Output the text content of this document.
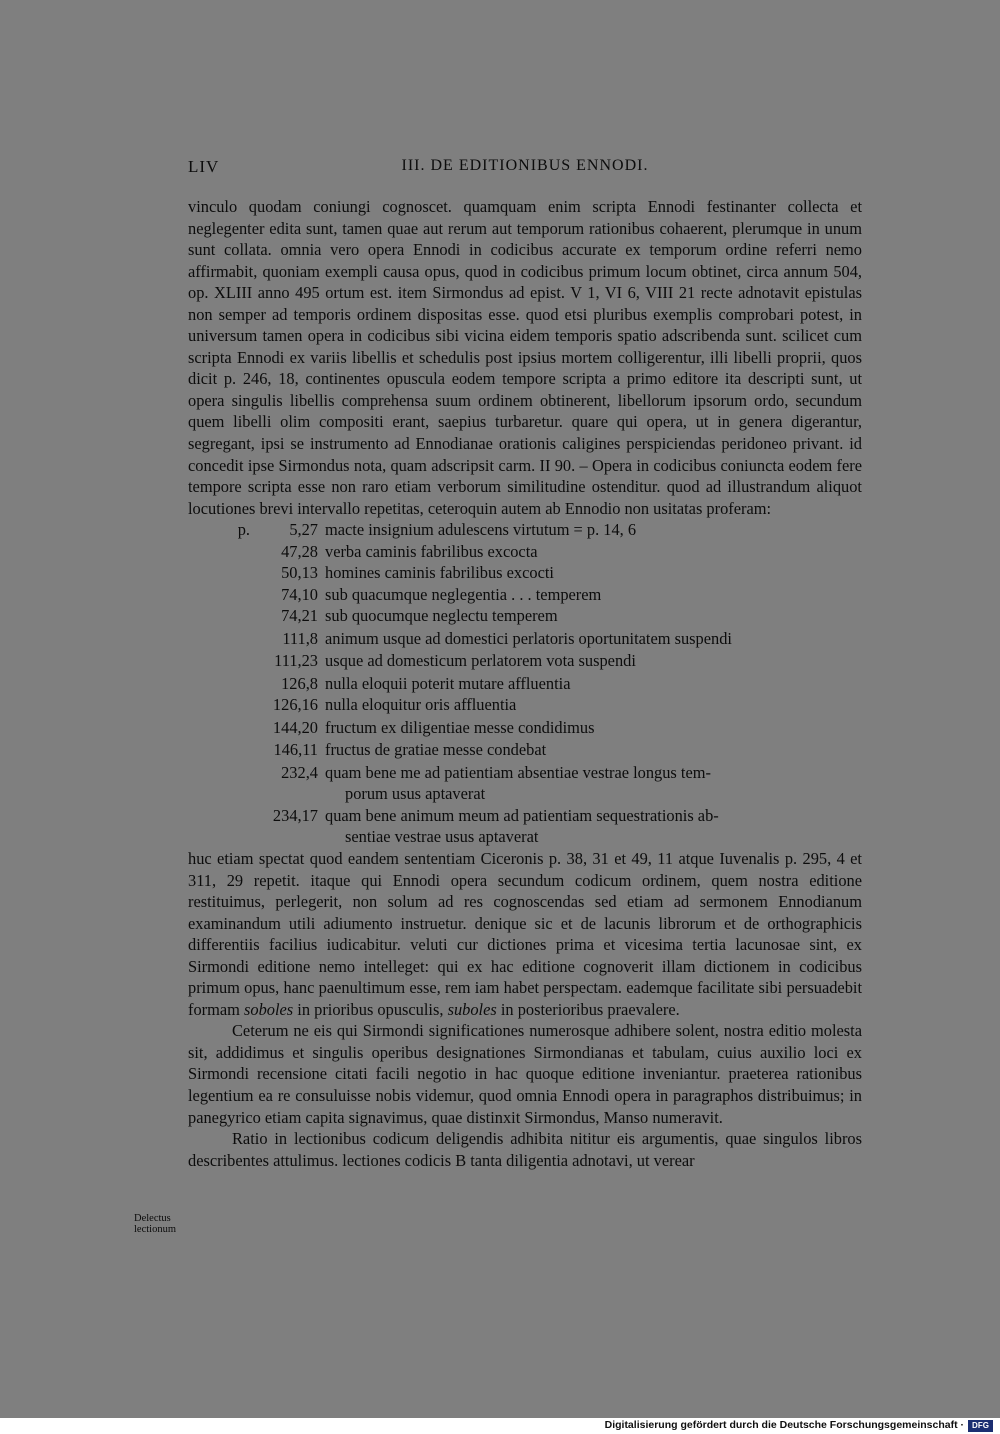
LIV	III. DE EDITIONIBUS ENNODI.

vinculo quodam coniungi cognoscet. quamquam enim scripta Ennodi festinanter collecta et neglegenter edita sunt, tamen quae aut rerum aut temporum rationibus cohaerent, plerumque in unum sunt collata. omnia vero opera Ennodi in codicibus accurate ex temporum ordine referri nemo affirmabit, quoniam exempli causa opus, quod in codicibus primum locum obtinet, circa annum 504, op. XLIII anno 495 ortum est. item Sirmondus ad epist. V 1, VI 6, VIII 21 recte adnotavit epistulas non semper ad temporis ordinem dispositas esse. quod etsi pluribus exemplis comprobari potest, in universum tamen opera in codicibus sibi vicina eidem temporis spatio adscribenda sunt. scilicet cum scripta Ennodi ex variis libellis et schedulis post ipsius mortem colligerentur, illi libelli proprii, quos dicit p. 246, 18, continentes opuscula eodem tempore scripta a primo editore ita descripti sunt, ut opera singulis libellis comprehensa suum ordinem obtinerent, libellorum ipsorum ordo, secundum quem libelli olim compositi erant, saepius turbaretur. quare qui opera, ut in genera digerantur, segregant, ipsi se instrumento ad Ennodianae orationis caligines perspiciendas peridoneo privant. id concedit ipse Sirmondus nota, quam adscripsit carm. II 90. – Opera in codicibus coniuncta eodem fere tempore scripta esse non raro etiam verborum similitudine ostenditur. quod ad illustrandum aliquot locutiones brevi intervallo repetitas, ceteroquin autem ab Ennodio non usitatas proferam:

p.	5,27 macte insignium adulescens virtutum = p. 14, 6
47,28 verba caminis fabrilibus excocta
50,13 homines caminis fabrilibus excocti
74,10 sub quacumque neglegentia . . . temperem
74,21 sub quocumque neglectu temperem
111,8 animum usque ad domestici perlatoris oportunitatem suspendi
111,23 usque ad domesticum perlatorem vota suspendi
126,8 nulla eloquii poterit mutare affluentia
126,16 nulla eloquitur oris affluentia
144,20 fructum ex diligentiae messe condidimus
146,11 fructus de gratiae messe condebat
232,4 quam bene me ad patientiam absentiae vestrae longus tem-
porum usus aptaverat
234,17 quam bene animum meum ad patientiam sequestrationis ab-
sentiae vestrae usus aptaverat

huc etiam spectat quod eandem sententiam Ciceronis p. 38, 31 et 49, 11 atque Iuvenalis p. 295, 4 et 311, 29 repetit. itaque qui Ennodi opera secundum codicum ordinem, quem nostra editione restituimus, perlegerit, non solum ad res cognoscendas sed etiam ad sermonem Ennodianum examinandum utili adiumento instruetur. denique sic et de lacunis librorum et de orthographicis differentiis facilius iudicabitur. veluti cur dictiones prima et vicesima tertia lacunosae sint, ex Sirmondi editione nemo intelleget: qui ex hac editione cognoverit illam dictionem in codicibus primum opus, hanc paenultimum esse, rem iam habet perspectam. eademque facilitate sibi persuadebit formam soboles in prioribus opusculis, suboles in posterioribus praevalere.

Ceterum ne eis qui Sirmondi significationes numerosque adhibere solent, nostra editio molesta sit, addidimus et singulis operibus designationes Sirmondianas et tabulam, cuius auxilio loci ex Sirmondi recensione citati facili negotio in hac quoque editione inveniantur. praeterea rationibus legentium ea re consuluisse nobis videmur, quod omnia Ennodi opera in paragraphos distribuimus; in panegyrico etiam capita signavimus, quae distinxit Sirmondus, Manso numeravit.

Ratio in lectionibus codicum deligendis adhibita nititur eis argumentis, quae singulos libros describentes attulimus. lectiones codicis B tanta diligentia adnotavi, ut verear

Delectus
lectionum
Digitalisierung gefördert durch die Deutsche Forschungsgemeinschaft ·	DFG
